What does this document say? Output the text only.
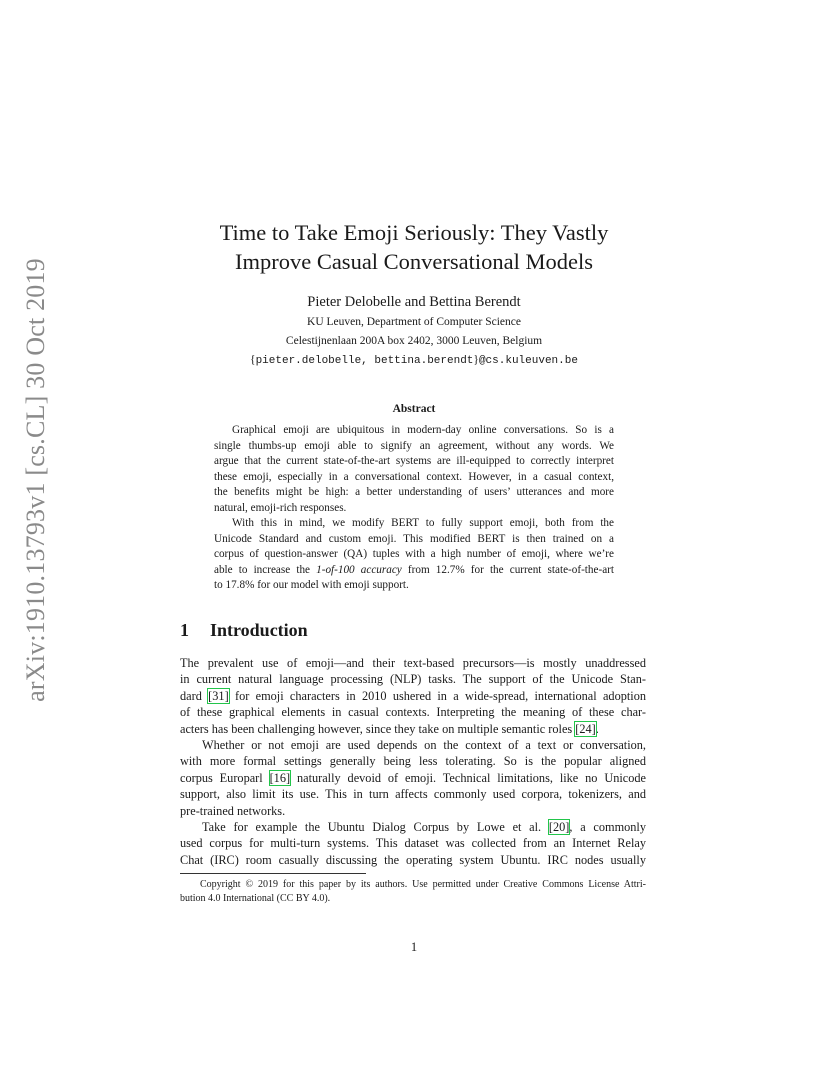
arXiv:1910.13793v1 [cs.CL] 30 Oct 2019
Time to Take Emoji Seriously: They Vastly
Improve Casual Conversational Models
Pieter Delobelle and Bettina Berendt
KU Leuven, Department of Computer Science
Celestijnenlaan 200A box 2402, 3000 Leuven, Belgium
{pieter.delobelle, bettina.berendt}@cs.kuleuven.be
Abstract
Graphical emoji are ubiquitous in modern-day online conversations. So is a
single thumbs-up emoji able to signify an agreement, without any words. We
argue that the current state-of-the-art systems are ill-equipped to correctly interpret
these emoji, especially in a conversational context. However, in a casual context,
the benefits might be high: a better understanding of users’ utterances and more
natural, emoji-rich responses.
With this in mind, we modify BERT to fully support emoji, both from the
Unicode Standard and custom emoji. This modified BERT is then trained on a
corpus of question-answer (QA) tuples with a high number of emoji, where we’re
able to increase the 1-of-100 accuracy from 12.7% for the current state-of-the-art
to 17.8% for our model with emoji support.
1 Introduction
The prevalent use of emoji—and their text-based precursors—is mostly unaddressed
in current natural language processing (NLP) tasks. The support of the Unicode Stan-
dard [31] for emoji characters in 2010 ushered in a wide-spread, international adoption
of these graphical elements in casual contexts. Interpreting the meaning of these char-
acters has been challenging however, since they take on multiple semantic roles [24].
Whether or not emoji are used depends on the context of a text or conversation,
with more formal settings generally being less tolerating. So is the popular aligned
corpus Europarl [16] naturally devoid of emoji. Technical limitations, like no Unicode
support, also limit its use. This in turn affects commonly used corpora, tokenizers, and
pre-trained networks.
Take for example the Ubuntu Dialog Corpus by Lowe et al. [20], a commonly
used corpus for multi-turn systems. This dataset was collected from an Internet Relay
Chat (IRC) room casually discussing the operating system Ubuntu. IRC nodes usually
Copyright © 2019 for this paper by its authors. Use permitted under Creative Commons License Attri-
bution 4.0 International (CC BY 4.0).
1
